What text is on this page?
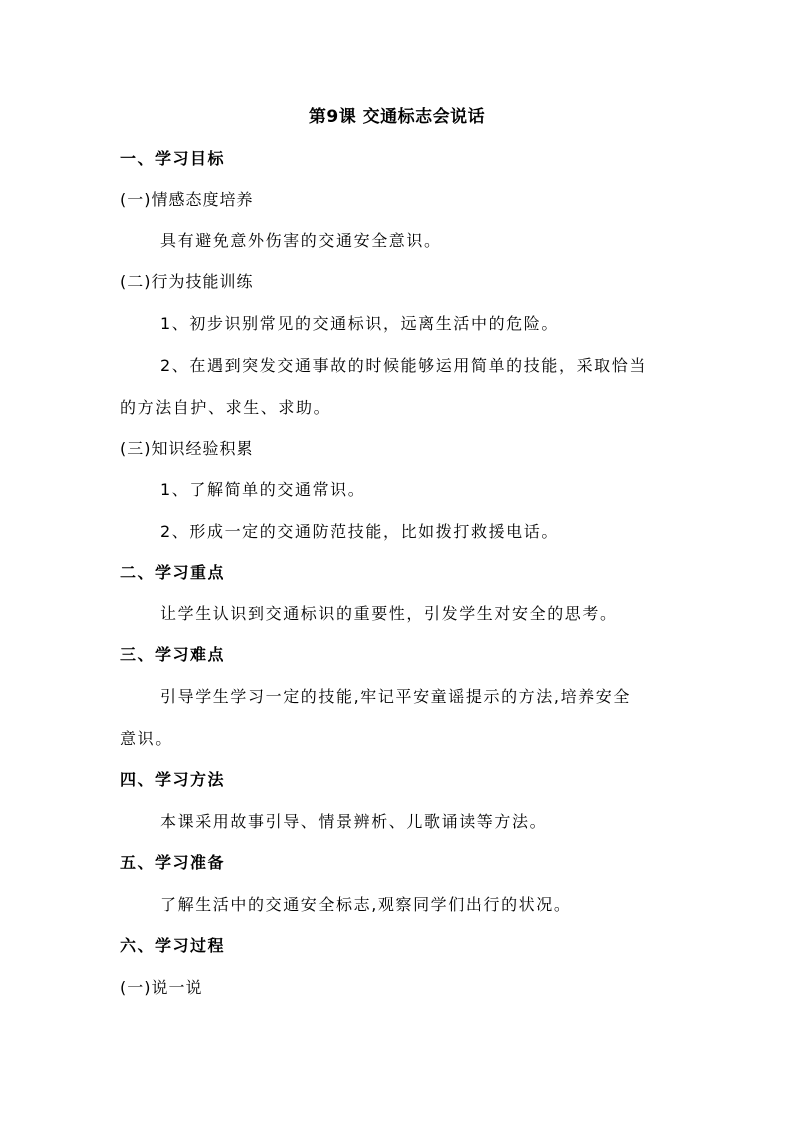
第9课 交通标志会说话
一、学习目标
(一)情感态度培养
具有避免意外伤害的交通安全意识。
(二)行为技能训练
1、初步识别常见的交通标识，远离生活中的危险。
2、在遇到突发交通事故的时候能够运用简单的技能，采取恰当
的方法自护、求生、求助。
(三)知识经验积累
1、了解简单的交通常识。
2、形成一定的交通防范技能，比如拨打救援电话。
二、学习重点
让学生认识到交通标识的重要性，引发学生对安全的思考。
三、学习难点
引导学生学习一定的技能,牢记平安童谣提示的方法,培养安全
意识。
四、学习方法
本课采用故事引导、情景辨析、儿歌诵读等方法。
五、学习准备
了解生活中的交通安全标志,观察同学们出行的状况。
六、学习过程
(一)说一说
